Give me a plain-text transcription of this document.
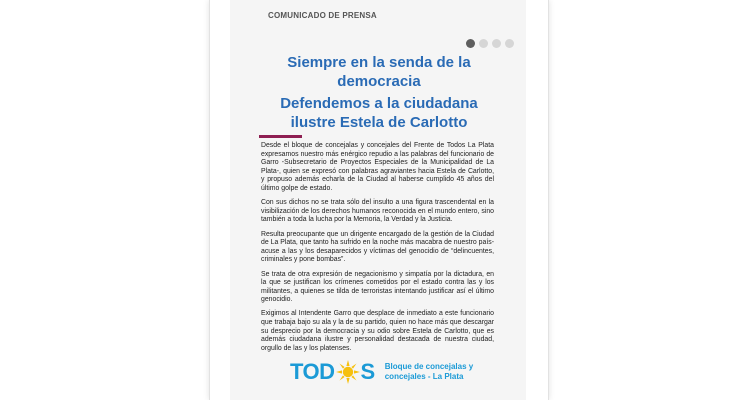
COMUNICADO DE PRENSA
Siempre en la senda de la democracia
Defendemos a la ciudadana ilustre Estela de Carlotto

Desde el bloque de concejalas y concejales del Frente de Todos La Plata expresamos nuestro más enérgico repudio a las palabras del funcionario de Garro -Subsecretario de Proyectos Especiales de la Municipalidad de La Plata-, quien se expresó con palabras agraviantes hacia Estela de Carlotto, y propuso además echarla de la Ciudad al haberse cumplido 45 años del último golpe de estado.

Con sus dichos no se trata sólo del insulto a una figura trascendental en la visibilización de los derechos humanos reconocida en el mundo entero, sino también a toda la lucha por la Memoria, la Verdad y la Justicia.

Resulta preocupante que un dirigente encargado de la gestión de la Ciudad de La Plata, que tanto ha sufrido en la noche más macabra de nuestro país- acuse a las y los desaparecidos y víctimas del genocidio de “delincuentes, criminales y pone bombas”.

Se trata de otra expresión de negacionismo y simpatía por la dictadura, en la que se justifican los crímenes cometidos por el estado contra las y los militantes, a quienes se tilda de terroristas intentando justificar así el último genocidio.

Exigimos al Intendente Garro que desplace de inmediato a este funcionario que trabaja bajo su ala y la de su partido, quien no hace más que descargar su desprecio por la democracia y su odio sobre Estela de Carlotto, que es además ciudadana ilustre y personalidad destacada de nuestra ciudad, orgullo de las y los platenses.

TOD S Bloque de concejalas y
concejales - La Plata
